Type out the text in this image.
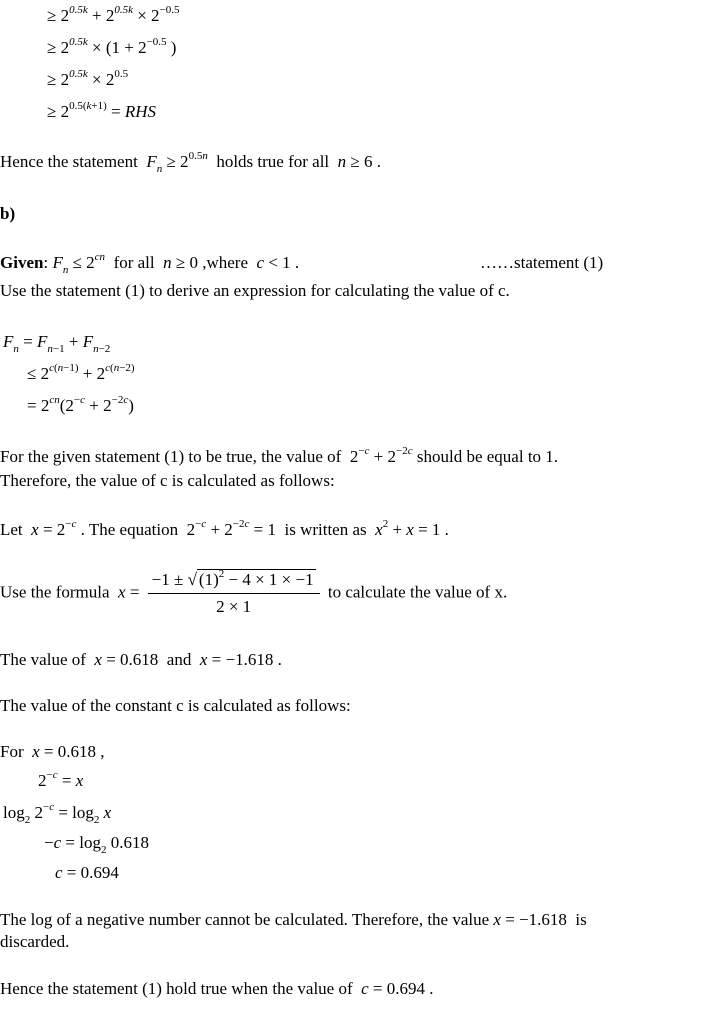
≥ $2^{0.5k} + 2^{0.5k} \times 2^{-0.5}$
≥ $2^{0.5k} \times (1 + 2^{-0.5}$ )
≥ $2^{0.5k} \times 2^{0.5}$
≥ $2^{0.5(k+1)}$ = RHS
Hence the statement $F_n \ge 2^{0.5n}$ holds true for all n ≥ 6 .
b)
Given: $F_n \le 2^{cn}$ for all n ≥ 0 ,where c < 1 .	……statement (1)
Use the statement (1) to derive an expression for calculating the value of c.
$F_n = F_{n-1} + F_{n-2}$
≤ $2^{c(n-1)} + 2^{c(n-2)}$
= $2^{cn}(2^{-c} + 2^{-2c})$
For the given statement (1) to be true, the value of  $2^{-c} + 2^{-2c}$ should be equal to 1.
Therefore, the value of c is calculated as follows:
Let $x = 2^{-c}$ . The equation  $2^{-c} + 2^{-2c} = 1$  is written as $x^2 + x = 1$ .
Use the formula $x = \frac{-1 \pm √ (1)^2 - 4 \times 1 \times -1}{2 \times 1}$ to calculate the value of x.
The value of x = 0.618  and x = −1.618 .
The value of the constant c is calculated as follows:
For x = 0.618 ,
$2^{-c} = x$
$\log_2 2^{-c} = \log_2 x$
$-c = \log_2 0.618$
c = 0.694
The log of a negative number cannot be calculated. Therefore, the value x = −1.618  is
discarded.
Hence the statement (1) hold true when the value of c = 0.694 .
